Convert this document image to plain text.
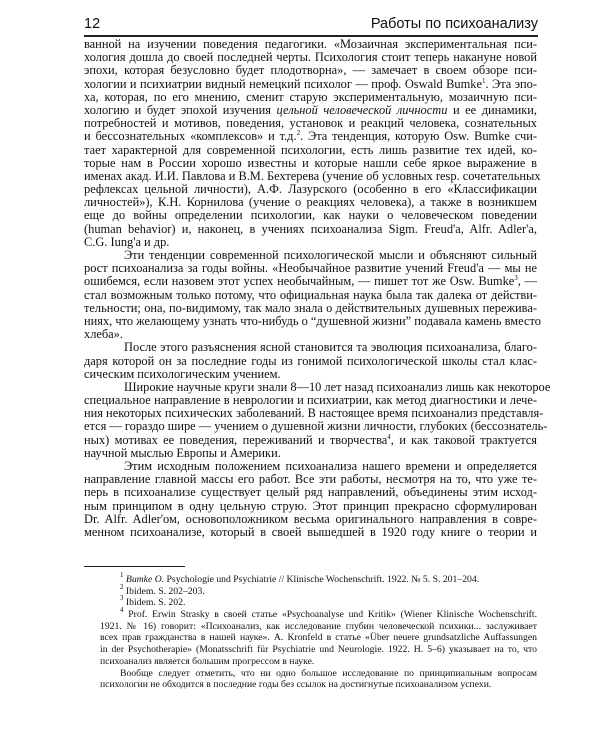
12	Работы по психоанализу
ванной на изучении поведения педагогики. «Мозаичная экспериментальная пси-
хология дошла до своей последней черты. Психология стоит теперь накануне новой
эпохи, которая безусловно будет плодотворна», — замечает в своем обзоре пси-
хологии и психиатрии видный немецкий психолог — проф. Oswald Bumke$^1$. Эта эпо-
ха, которая, по его мнению, сменит старую экспериментальную, мозаичную пси-
хологию и будет эпохой изучения цельной человеческой личности и ее динамики,
потребностей и мотивов, поведения, установок и реакций человека, сознательных
и бессознательных «комплексов» и т.д.$^2$. Эта тенденция, которую Osw. Bumke счи-
тает характерной для современной психологии, есть лишь развитие тех идей, ко-
торые нам в России хорошо известны и которые нашли себе яркое выражение в
именах акад. И.И. Павлова и В.М. Бехтерева (учение об условных resp. сочетательных
рефлексах цельной личности), А.Ф. Лазурского (особенно в его «Классификации
личностей»), К.Н. Корнилова (учение о реакциях человека), а также в возникшем
еще до войны определении психологии, как науки о человеческом поведении
(human behavior) и, наконец, в учениях психоанализа Sigm. Freud'a, Alfr. Adler'a,
C.G. Iung'a и др.
Эти тенденции современной психологической мысли и объясняют сильный
рост психоанализа за годы войны. «Необычайное развитие учений Freud'a — мы не
ошибемся, если назовем этот успех необычайным, — пишет тот же Osw. Bumke$^3$, —
стал возможным только потому, что официальная наука была так далека от действи-
тельности; она, по-видимому, так мало знала о действительных душевных пережива-
ниях, что желающему узнать что-нибудь о “душевной жизни” подавала камень вместо
хлеба».
После этого разъяснения ясной становится та эволюция психоанализа, благо-
даря которой он за последние годы из гонимой психологической школы стал клас-
сическим психологическим учением.
Широкие научные круги знали 8—10 лет назад психоанализ лишь как некоторое
специальное направление в неврологии и психиатрии, как метод диагностики и лече-
ния некоторых психических заболеваний. В настоящее время психоанализ представля-
ется — гораздо шире — учением о душевной жизни личности, глубоких (бессознатель-
ных) мотивах ее поведения, переживаний и творчества$^4$, и как таковой трактуется
научной мыслью Европы и Америки.
Этим исходным положением психоанализа нашего времени и определяется
направление главной массы его работ. Все эти работы, несмотря на то, что уже те-
перь в психоанализе существует целый ряд направлений, объединены этим исход-
ным принципом в одну цельную струю. Этот принцип прекрасно сформулирован
Dr. Alfr. Adler'ом, основоположником весьма оригинального направления в совре-
менном психоанализе, который в своей вышедшей в 1920 году книге о теории и
$^1$ Bumke O. Psychologie und Psychiatrie // Klinische Wochenschrift. 1922. № 5. S. 201–204.
$^2$ Ibidem. S. 202–203.
$^3$ Ibidem. S. 202.
$^4$ Prof. Erwin Strasky в своей статье «Psychoanalyse und Kritik» (Wiener Klinische Wochenschrift.
1921. № 16) говорит: «Психоанализ, как исследование глубин человеческой психики... заслуживает
всех прав гражданства в нашей науке». A. Kronfeld в статье «Über neuere grundsatzliche Auffassungen
in der Psychotherapie» (Monatsschrift für Psychiatrie und Neurologie. 1922. H. 5–6) указывает на то, что
психоанализ является большим прогрессом в науке.
Вообще следует отметить, что ни одно большое исследование по принципиальным вопросам
психологии не обходится в последние годы без ссылок на достигнутые психоанализом успехи.
